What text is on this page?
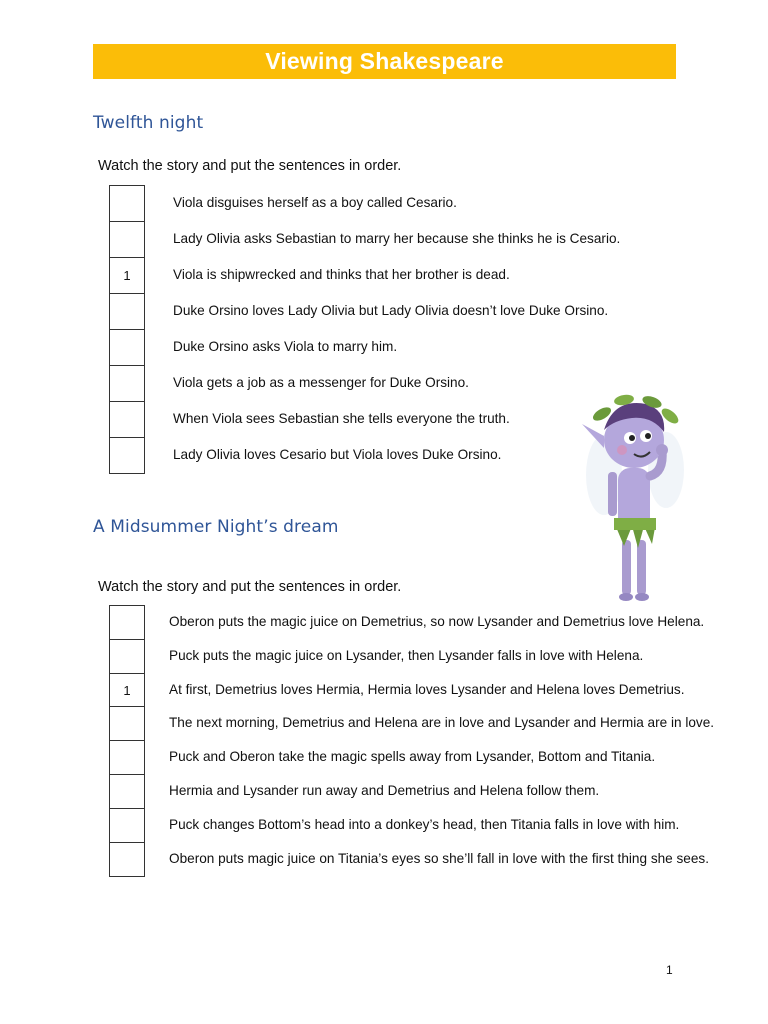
Viewing Shakespeare
Twelfth night
Watch the story and put the sentences in order.
Viola disguises herself as a boy called Cesario.
Lady Olivia asks Sebastian to marry her because she thinks he is Cesario.
1	Viola is shipwrecked and thinks that her brother is dead.
Duke Orsino loves Lady Olivia but Lady Olivia doesn’t love Duke Orsino.
Duke Orsino asks Viola to marry him.
Viola gets a job as a messenger for Duke Orsino.
When Viola sees Sebastian she tells everyone the truth.
Lady Olivia loves Cesario but Viola loves Duke Orsino.
A Midsummer Night’s dream
Watch the story and put the sentences in order.
Oberon puts the magic juice on Demetrius, so now Lysander and Demetrius love Helena.
Puck puts the magic juice on Lysander, then Lysander falls in love with Helena.
1	At first, Demetrius loves Hermia, Hermia loves Lysander and Helena loves Demetrius.
The next morning, Demetrius and Helena are in love and Lysander and Hermia are in love.
Puck and Oberon take the magic spells away from Lysander, Bottom and Titania.
Hermia and Lysander run away and Demetrius and Helena follow them.
Puck changes Bottom’s head into a donkey’s head, then Titania falls in love with him.
Oberon puts magic juice on Titania’s eyes so she’ll fall in love with the first thing she sees.
1
